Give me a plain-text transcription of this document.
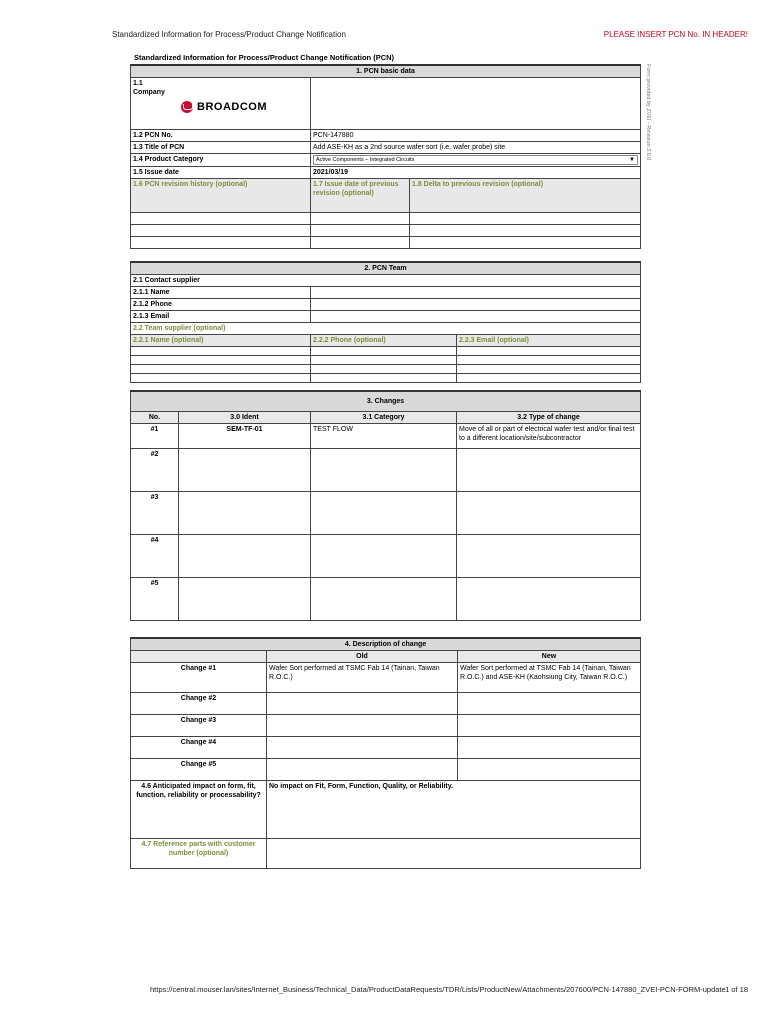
Standardized Information for Process/Product Change Notification	PLEASE INSERT PCN No. IN HEADER!
Standardized Information for Process/Product Change Notification (PCN)
Form provided by ZVEI - Revision 3.6.0
1. PCN basic data		

1.1
Company
BROADCOM		

1.2 PCN No.	PCN-147880	
1.3 Title of PCN	Add ASE-KH as a 2nd source wafer sort (i.e. wafer probe) site	
1.4 Product Category	Active Components – Integrated Circuits ▼	

1.5 Issue date	2021/03/19	
1.6 PCN revision history (optional)	1.7 Issue date of previous revision (optional)	1.8 Delta to previous revision (optional)

2. PCN Team		
2.1 Contact supplier		
2.1.1 Name		
2.1.2 Phone		
2.1.3 Email		
2.2 Team supplier (optional)		
2.2.1 Name (optional)	2.2.2 Phone (optional)	2.2.3 Email (optional)

3. Changes			
No.	3.0 Ident	3.1 Category	3.2 Type of change
#1	SEM-TF-01	TEST FLOW	Move of all or part of electrical wafer test and/or final test to a different location/site/subcontractor
#2			
#3			
#4			
#5			
4. Description of change		
	Old	New
Change #1	Wafer Sort performed at TSMC Fab 14 (Tainan, Taiwan R.O.C.)	Wafer Sort performed at TSMC Fab 14 (Tainan, Taiwan R.O.C.) and ASE-KH (Kaohsiung City, Taiwan R.O.C.)
Change #2		
Change #3		
Change #4		
Change #5		
4.6 Anticipated impact on form, fit, function, reliability or processability?	No impact on Fit, Form, Function, Quality, or Reliability.	
4.7 Reference parts with customer number (optional)		
https://central.mouser.lan/sites/Internet_Business/Technical_Data/ProductDataRequests/TDR/Lists/ProductNew/Attachments/207600/PCN-147880_ZVEI-PCN-FORM-update 1 of 18
